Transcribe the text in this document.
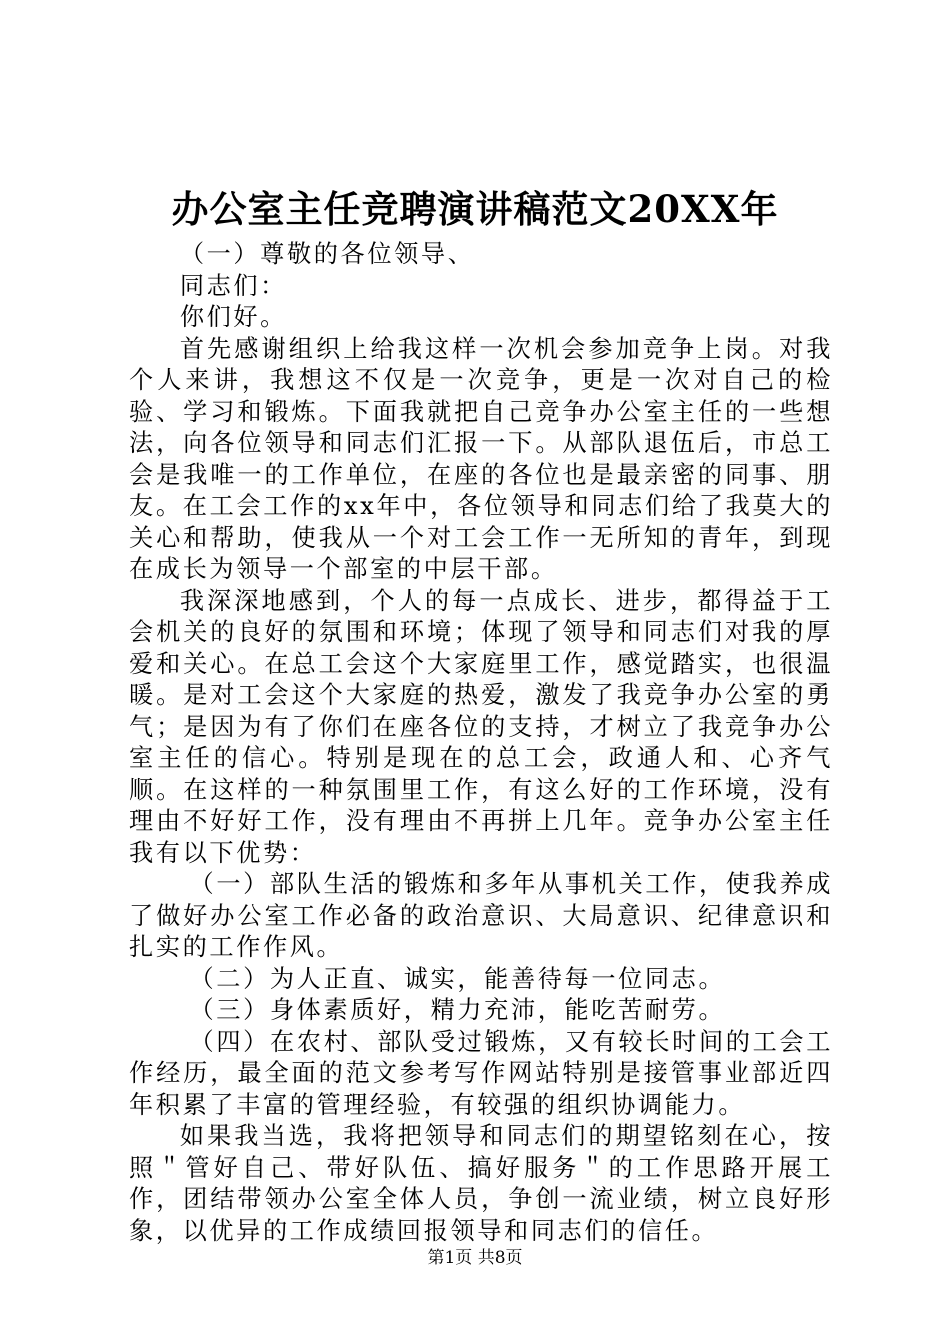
办公室主任竞聘演讲稿范文20XX年

（一）尊敬的各位领导、

同志们：

你们好。

首先感谢组织上给我这样一次机会参加竞争上岗。对我个人来讲，我想这不仅是一次竞争，更是一次对自己的检验、学习和锻炼。下面我就把自己竞争办公室主任的一些想法，向各位领导和同志们汇报一下。从部队退伍后，市总工会是我唯一的工作单位，在座的各位也是最亲密的同事、朋友。在工会工作的xx年中，各位领导和同志们给了我莫大的关心和帮助，使我从一个对工会工作一无所知的青年，到现在成长为领导一个部室的中层干部。

我深深地感到，个人的每一点成长、进步，都得益于工会机关的良好的氛围和环境；体现了领导和同志们对我的厚爱和关心。在总工会这个大家庭里工作，感觉踏实，也很温暖。是对工会这个大家庭的热爱，激发了我竞争办公室的勇气；是因为有了你们在座各位的支持，才树立了我竞争办公室主任的信心。特别是现在的总工会，政通人和、心齐气顺。在这样的一种氛围里工作，有这么好的工作环境，没有理由不好好工作，没有理由不再拼上几年。竞争办公室主任我有以下优势：

（一）部队生活的锻炼和多年从事机关工作，使我养成了做好办公室工作必备的政治意识、大局意识、纪律意识和扎实的工作作风。

（二）为人正直、诚实，能善待每一位同志。

（三）身体素质好，精力充沛，能吃苦耐劳。

（四）在农村、部队受过锻炼，又有较长时间的工会工作经历，最全面的范文参考写作网站特别是接管事业部近四年积累了丰富的管理经验，有较强的组织协调能力。

如果我当选，我将把领导和同志们的期望铭刻在心，按照＂管好自己、带好队伍、搞好服务＂的工作思路开展工作，团结带领办公室全体人员，争创一流业绩，树立良好形象，以优异的工作成绩回报领导和同志们的信任。

第1页 共8页
